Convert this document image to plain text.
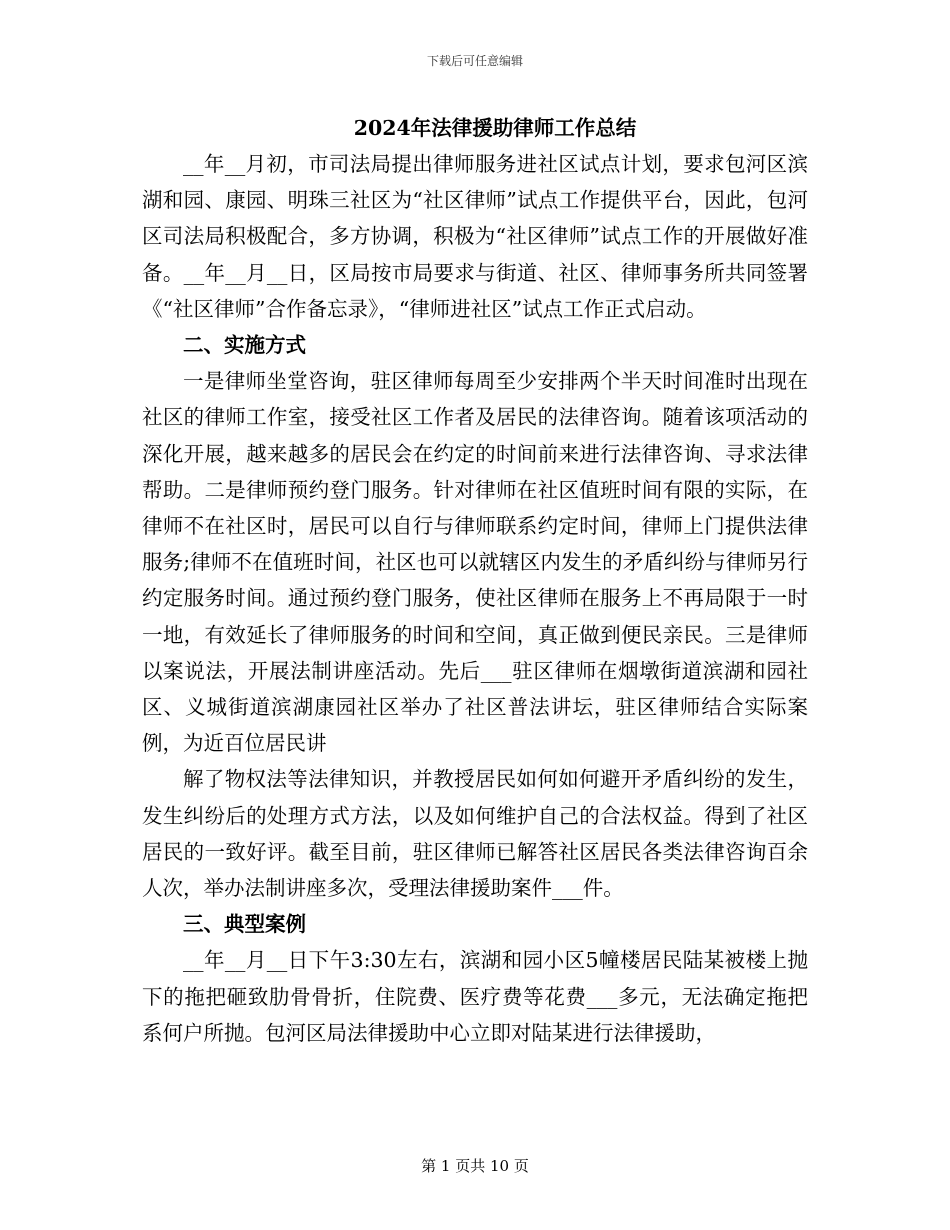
下载后可任意编辑
2024年法律援助律师工作总结

__年__月初，市司法局提出律师服务进社区试点计划，要求包河区滨湖和园、康园、明珠三社区为“社区律师”试点工作提供平台，因此，包河区司法局积极配合，多方协调，积极为“社区律师”试点工作的开展做好准备。__年__月__日，区局按市局要求与街道、社区、律师事务所共同签署《“社区律师”合作备忘录》，“律师进社区”试点工作正式启动。

二、实施方式

一是律师坐堂咨询，驻区律师每周至少安排两个半天时间准时出现在社区的律师工作室，接受社区工作者及居民的法律咨询。随着该项活动的深化开展，越来越多的居民会在约定的时间前来进行法律咨询、寻求法律帮助。二是律师预约登门服务。针对律师在社区值班时间有限的实际，在律师不在社区时，居民可以自行与律师联系约定时间，律师上门提供法律服务;律师不在值班时间，社区也可以就辖区内发生的矛盾纠纷与律师另行约定服务时间。通过预约登门服务，使社区律师在服务上不再局限于一时一地，有效延长了律师服务的时间和空间，真正做到便民亲民。三是律师以案说法，开展法制讲座活动。先后___驻区律师在烟墩街道滨湖和园社区、义城街道滨湖康园社区举办了社区普法讲坛，驻区律师结合实际案例，为近百位居民讲

解了物权法等法律知识，并教授居民如何如何避开矛盾纠纷的发生，发生纠纷后的处理方式方法，以及如何维护自己的合法权益。得到了社区居民的一致好评。截至目前，驻区律师已解答社区居民各类法律咨询百余人次，举办法制讲座多次，受理法律援助案件___件。

三、典型案例

__年__月__日下午3:30左右，滨湖和园小区5幢楼居民陆某被楼上抛下的拖把砸致肋骨骨折，住院费、医疗费等花费___多元，无法确定拖把系何户所抛。包河区局法律援助中心立即对陆某进行法律援助，

第 1 页共 10 页
